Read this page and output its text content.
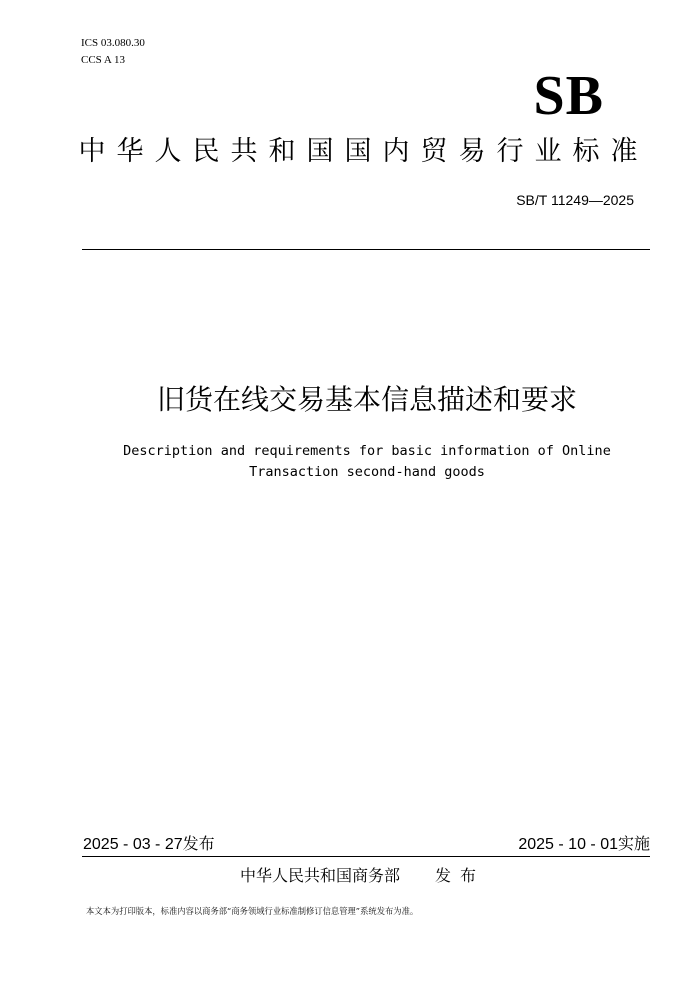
ICS 03.080.30
CCS A 13
SB
中华人民共和国国内贸易行业标准
SB/T 11249—2025
旧货在线交易基本信息描述和要求
Description and requirements for basic information of Online Transaction second-hand goods
2025 - 03 - 27发布	2025 - 10 - 01实施
中华人民共和国商务部 发布
本文本为打印版本，标准内容以商务部“商务领域行业标准制修订信息管理”系统发布为准。
